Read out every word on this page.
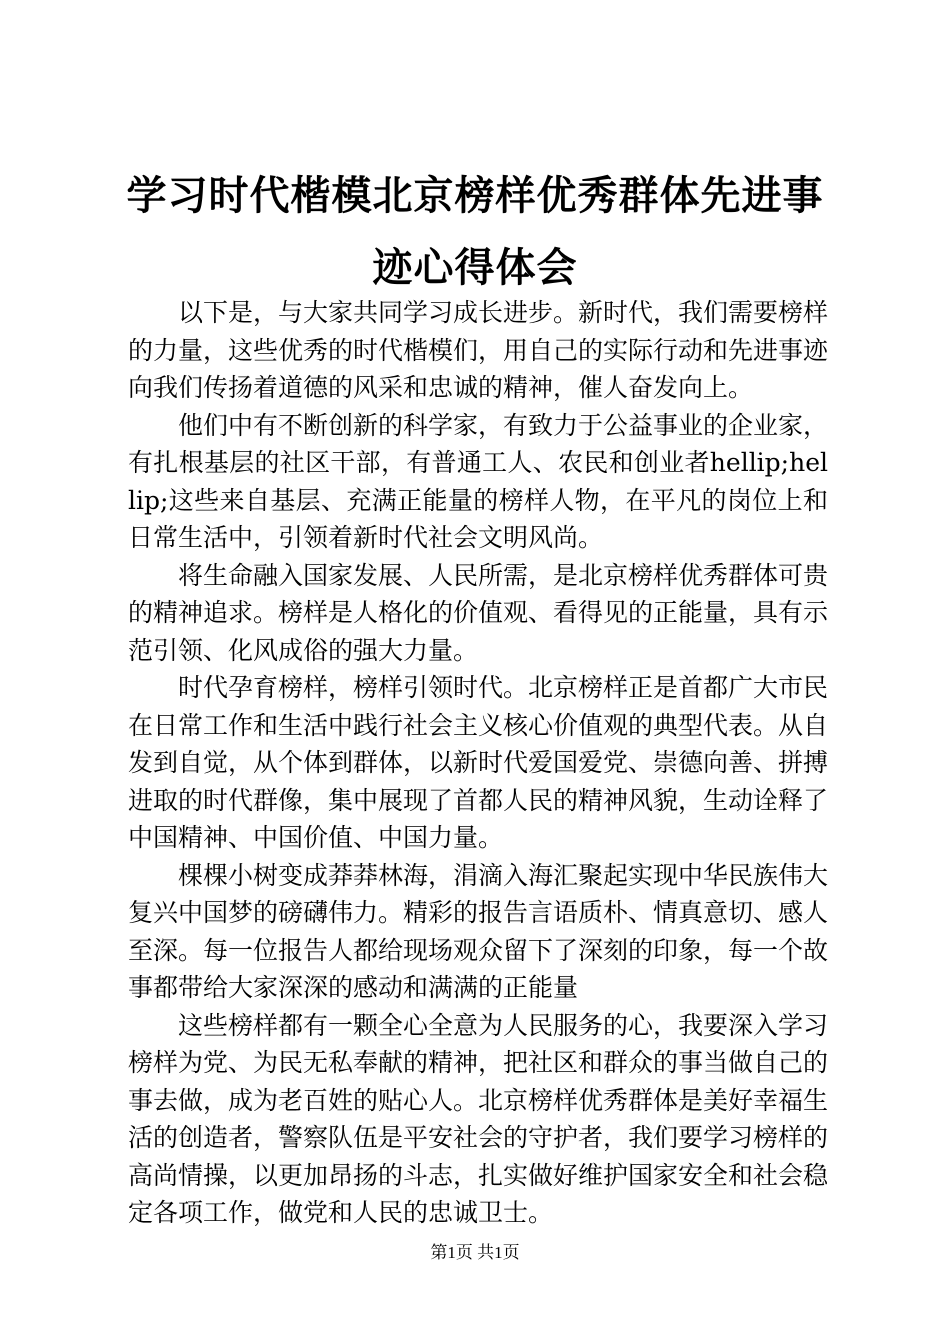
学习时代楷模北京榜样优秀群体先进事迹心得体会

以下是，与大家共同学习成长进步。新时代，我们需要榜样的力量，这些优秀的时代楷模们，用自己的实际行动和先进事迹向我们传扬着道德的风采和忠诚的精神，催人奋发向上。

他们中有不断创新的科学家，有致力于公益事业的企业家，有扎根基层的社区干部，有普通工人、农民和创业者hellip;hellip;这些来自基层、充满正能量的榜样人物，在平凡的岗位上和日常生活中，引领着新时代社会文明风尚。

将生命融入国家发展、人民所需，是北京榜样优秀群体可贵的精神追求。榜样是人格化的价值观、看得见的正能量，具有示范引领、化风成俗的强大力量。

时代孕育榜样，榜样引领时代。北京榜样正是首都广大市民在日常工作和生活中践行社会主义核心价值观的典型代表。从自发到自觉，从个体到群体，以新时代爱国爱党、崇德向善、拼搏进取的时代群像，集中展现了首都人民的精神风貌，生动诠释了中国精神、中国价值、中国力量。

棵棵小树变成莽莽林海，涓滴入海汇聚起实现中华民族伟大复兴中国梦的磅礴伟力。精彩的报告言语质朴、情真意切、感人至深。每一位报告人都给现场观众留下了深刻的印象，每一个故事都带给大家深深的感动和满满的正能量

这些榜样都有一颗全心全意为人民服务的心，我要深入学习榜样为党、为民无私奉献的精神，把社区和群众的事当做自己的事去做，成为老百姓的贴心人。北京榜样优秀群体是美好幸福生活的创造者，警察队伍是平安社会的守护者，我们要学习榜样的高尚情操，以更加昂扬的斗志，扎实做好维护国家安全和社会稳定各项工作，做党和人民的忠诚卫士。

第1页 共1页
